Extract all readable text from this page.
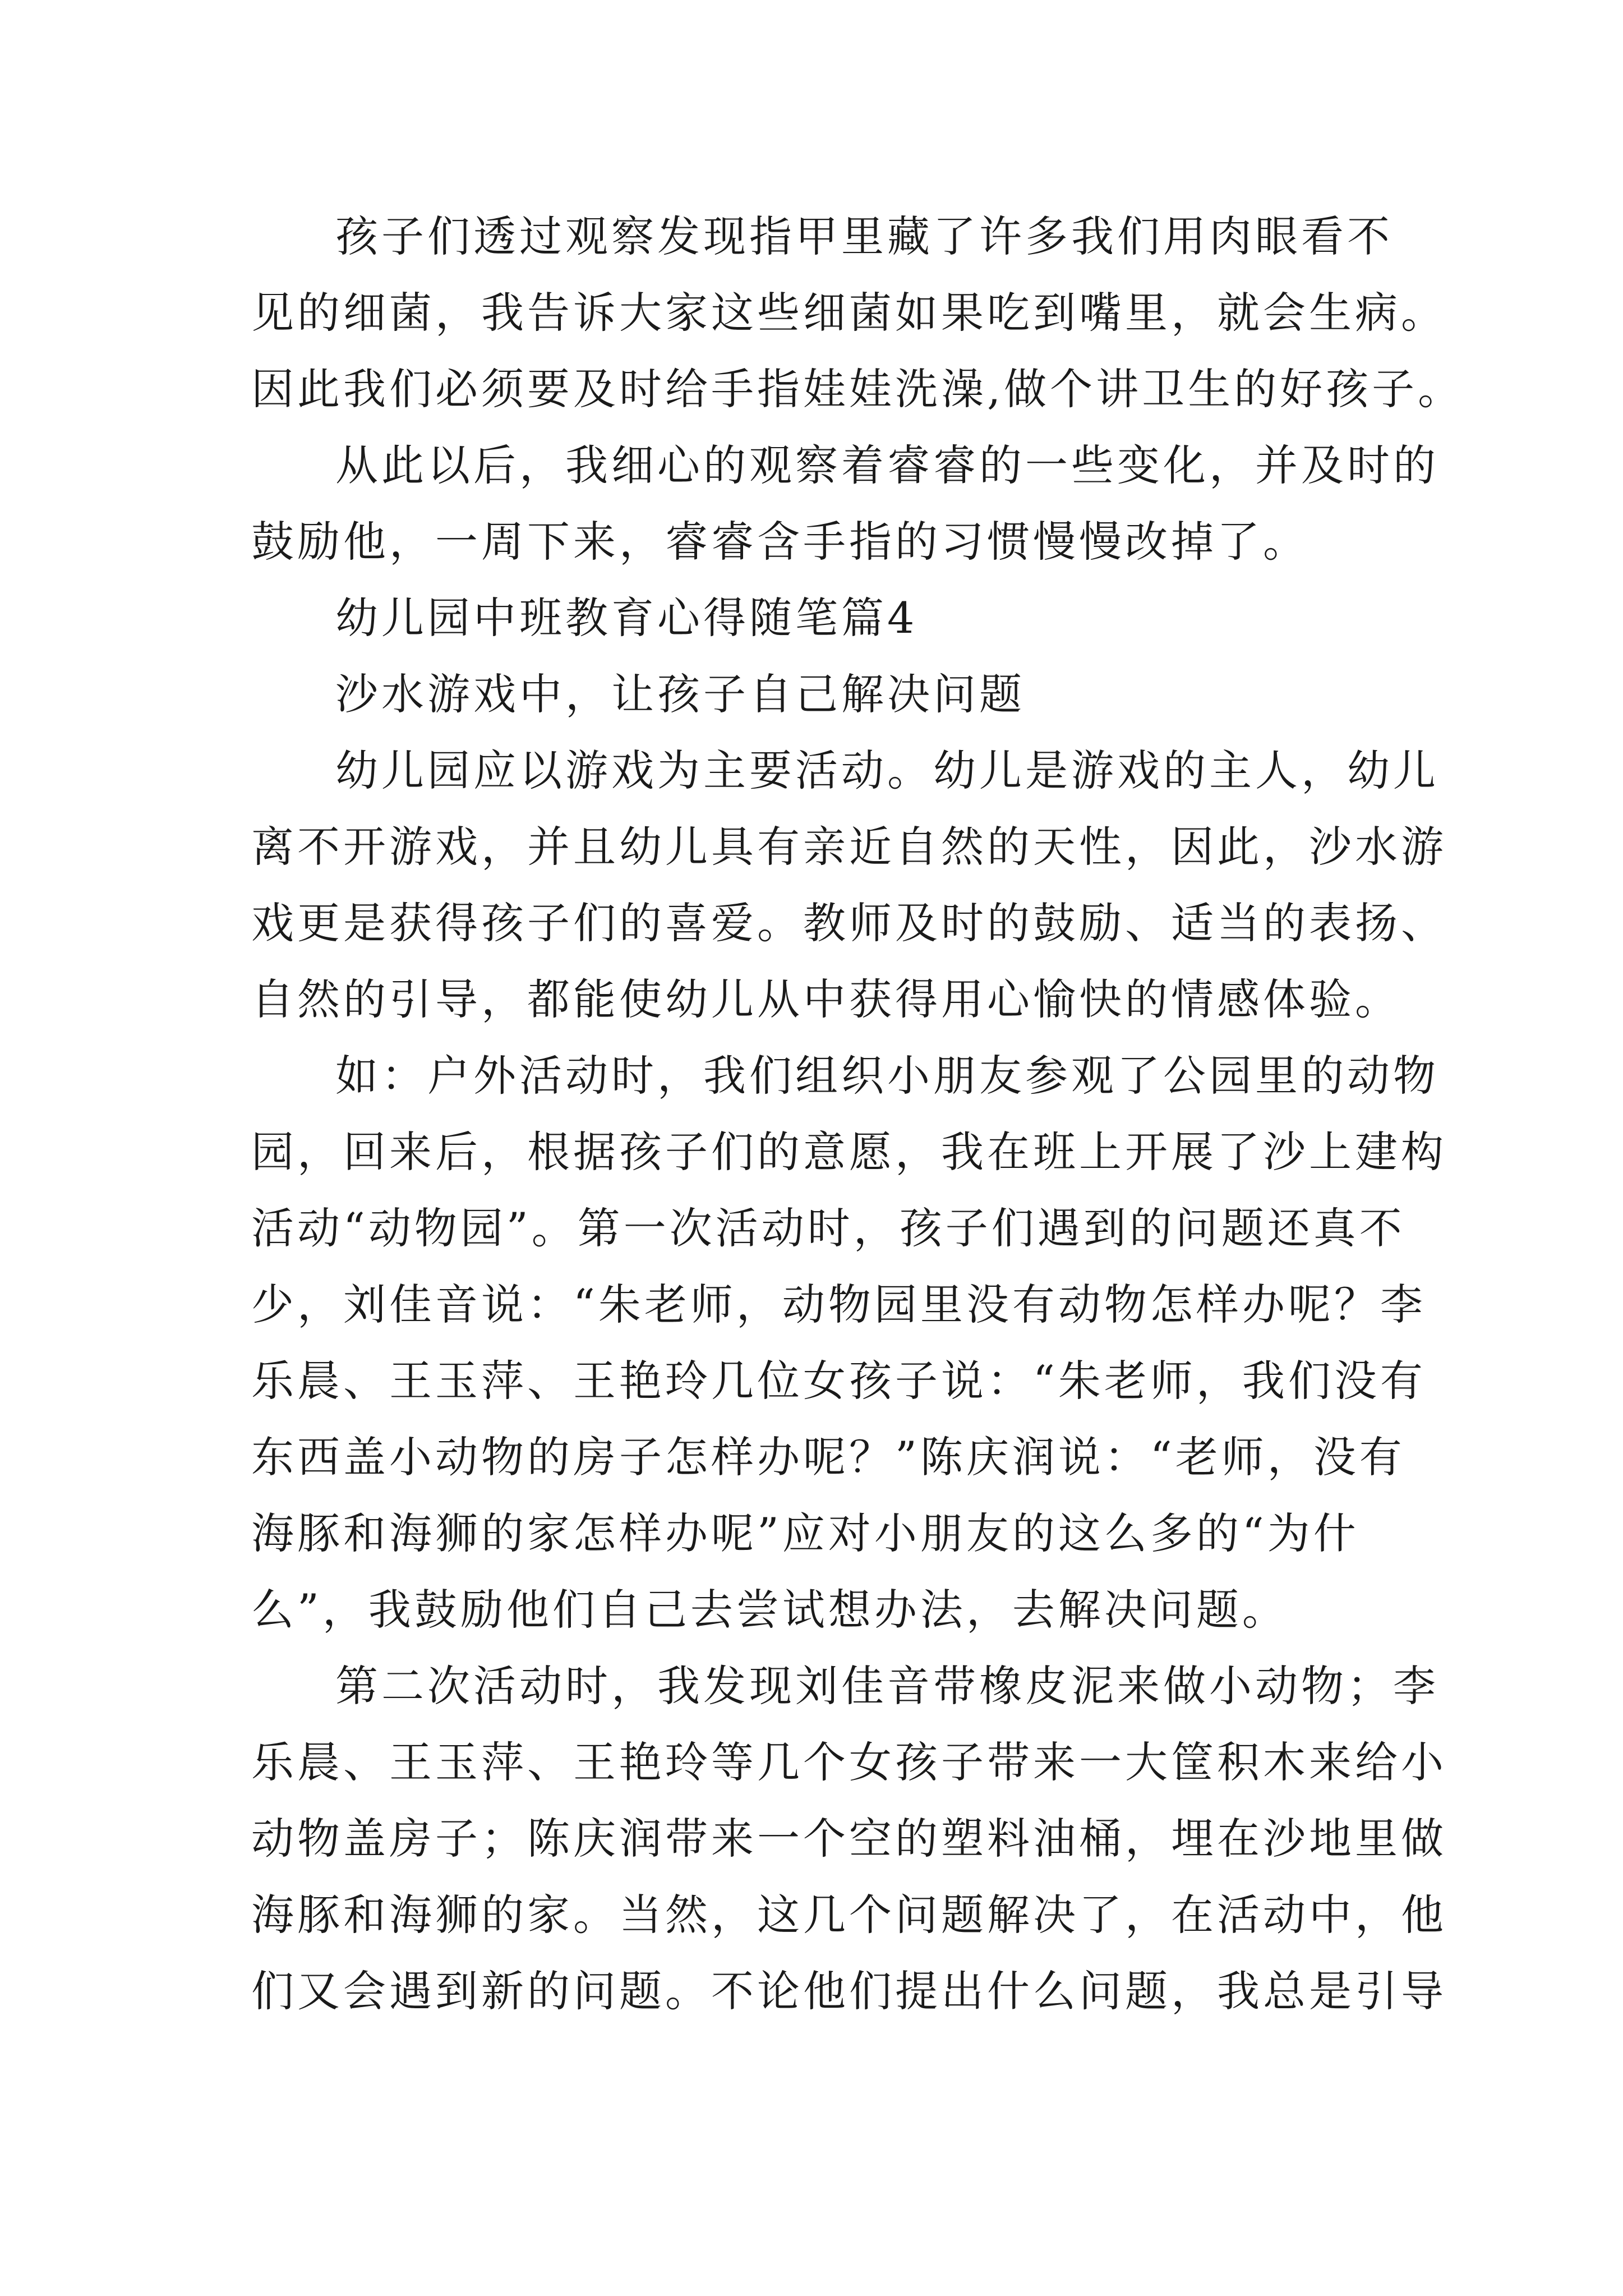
孩子们透过观察发现指甲里藏了许多我们用肉眼看不
见的细菌，我告诉大家这些细菌如果吃到嘴里，就会生病。
因此我们必须要及时给手指娃娃洗澡,做个讲卫生的好孩子。
从此以后，我细心的观察着睿睿的一些变化，并及时的
鼓励他，一周下来，睿睿含手指的习惯慢慢改掉了。
幼儿园中班教育心得随笔篇4
沙水游戏中，让孩子自己解决问题
幼儿园应以游戏为主要活动。幼儿是游戏的主人，幼儿
离不开游戏，并且幼儿具有亲近自然的天性，因此，沙水游
戏更是获得孩子们的喜爱。教师及时的鼓励、适当的表扬、
自然的引导，都能使幼儿从中获得用心愉快的情感体验。
如：户外活动时，我们组织小朋友参观了公园里的动物
园，回来后，根据孩子们的意愿，我在班上开展了沙上建构
活动“动物园”。第一次活动时，孩子们遇到的问题还真不
少，刘佳音说：“朱老师，动物园里没有动物怎样办呢？李
乐晨、王玉萍、王艳玲几位女孩子说：“朱老师，我们没有
东西盖小动物的房子怎样办呢？”陈庆润说：“老师，没有
海豚和海狮的家怎样办呢”应对小朋友的这么多的“为什
么”，我鼓励他们自己去尝试想办法，去解决问题。
第二次活动时，我发现刘佳音带橡皮泥来做小动物；李
乐晨、王玉萍、王艳玲等几个女孩子带来一大筐积木来给小
动物盖房子；陈庆润带来一个空的塑料油桶，埋在沙地里做
海豚和海狮的家。当然，这几个问题解决了，在活动中，他
们又会遇到新的问题。不论他们提出什么问题，我总是引导
